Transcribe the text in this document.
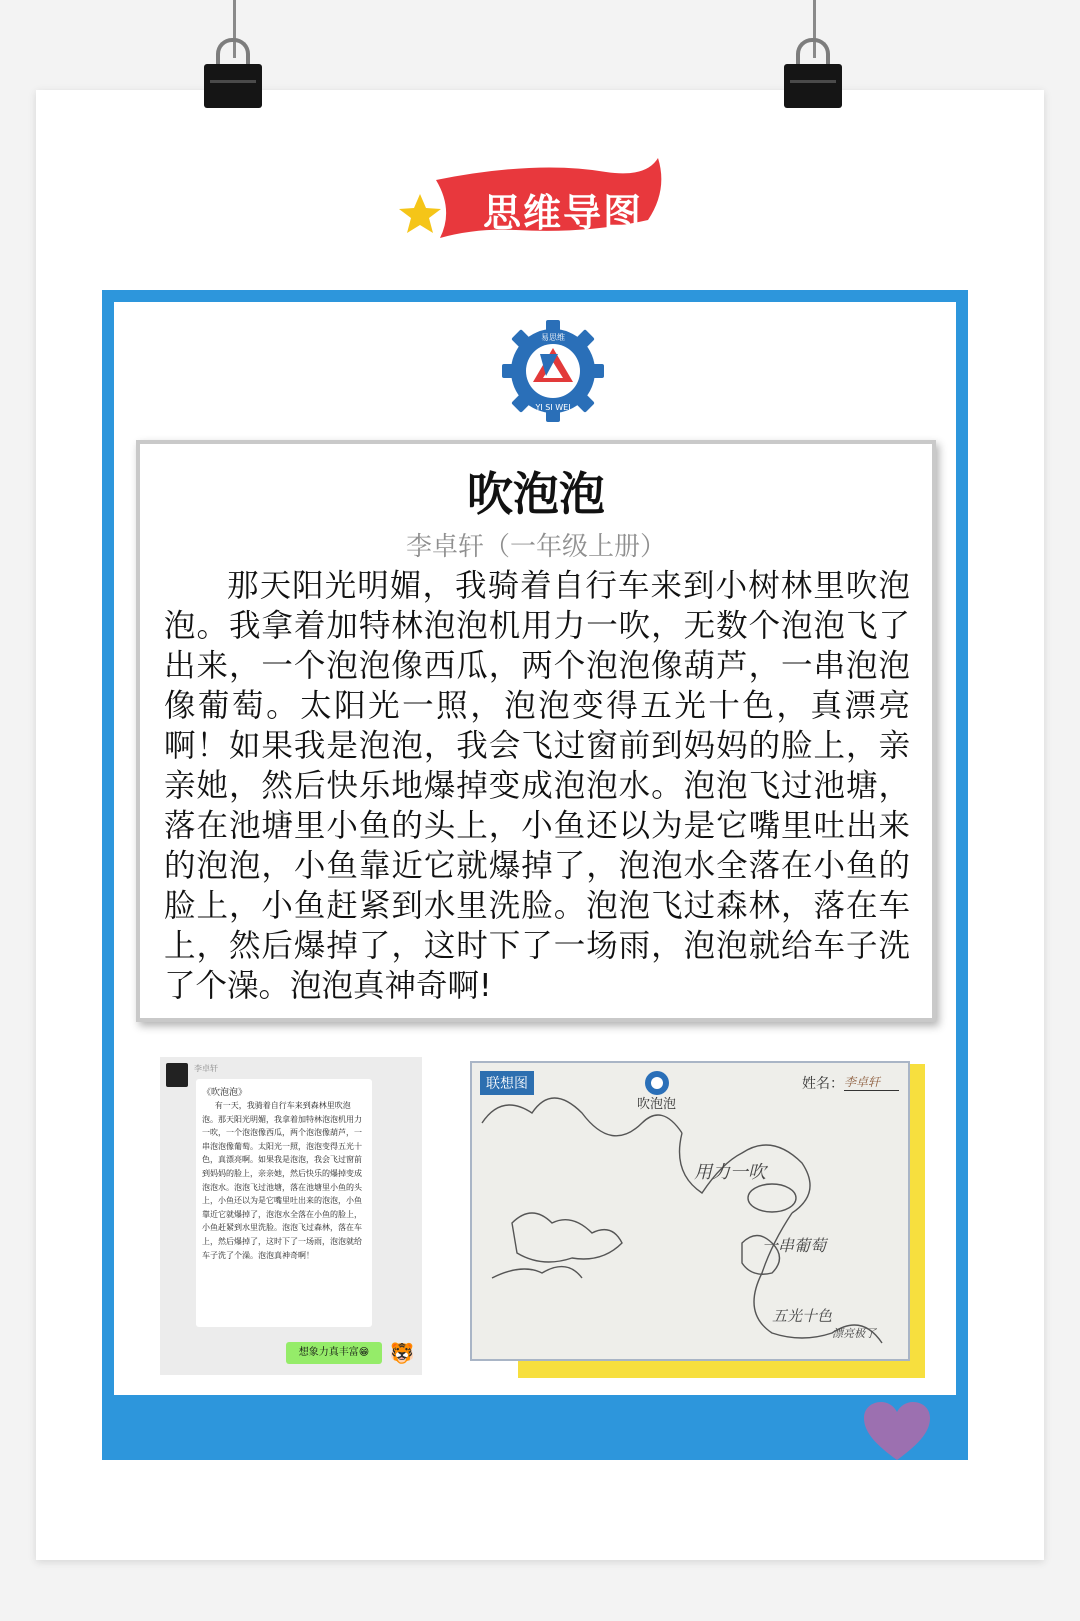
思维导图
易思维
YI SI WEI
吹泡泡
李卓轩（一年级上册）

那天阳光明媚，我骑着自行车来到小树林里吹泡泡。我拿着加特林泡泡机用力一吹，无数个泡泡飞了出来，一个泡泡像西瓜，两个泡泡像葫芦，一串泡泡像葡萄。太阳光一照，泡泡变得五光十色，真漂亮啊！如果我是泡泡，我会飞过窗前到妈妈的脸上，亲亲她，然后快乐地爆掉变成泡泡水。泡泡飞过池塘，落在池塘里小鱼的头上，小鱼还以为是它嘴里吐出来的泡泡，小鱼靠近它就爆掉了，泡泡水全落在小鱼的脸上，小鱼赶紧到水里洗脸。泡泡飞过森林，落在车上，然后爆掉了，这时下了一场雨，泡泡就给车子洗了个澡。泡泡真神奇啊!

李卓轩
《吹泡泡》

有一天，我骑着自行车来到森林里吹泡泡。那天阳光明媚，我拿着加特林泡泡机用力一吹，一个泡泡像西瓜，两个泡泡像葫芦，一串泡泡像葡萄。太阳光一照，泡泡变得五光十色，真漂亮啊。如果我是泡泡，我会飞过窗前到妈妈的脸上，亲亲她，然后快乐的爆掉变成泡泡水。泡泡飞过池塘，落在池塘里小鱼的头上，小鱼还以为是它嘴里吐出来的泡泡，小鱼靠近它就爆掉了，泡泡水全落在小鱼的脸上，小鱼赶紧到水里洗脸。泡泡飞过森林，落在车上，然后爆掉了，这时下了一场雨，泡泡就给车子洗了个澡。泡泡真神奇啊！

想象力真丰富😁	🐯
联想图	姓名： 李卓轩
吹泡泡
用力一吹
一串葡萄
五光十色
漂亮极了
